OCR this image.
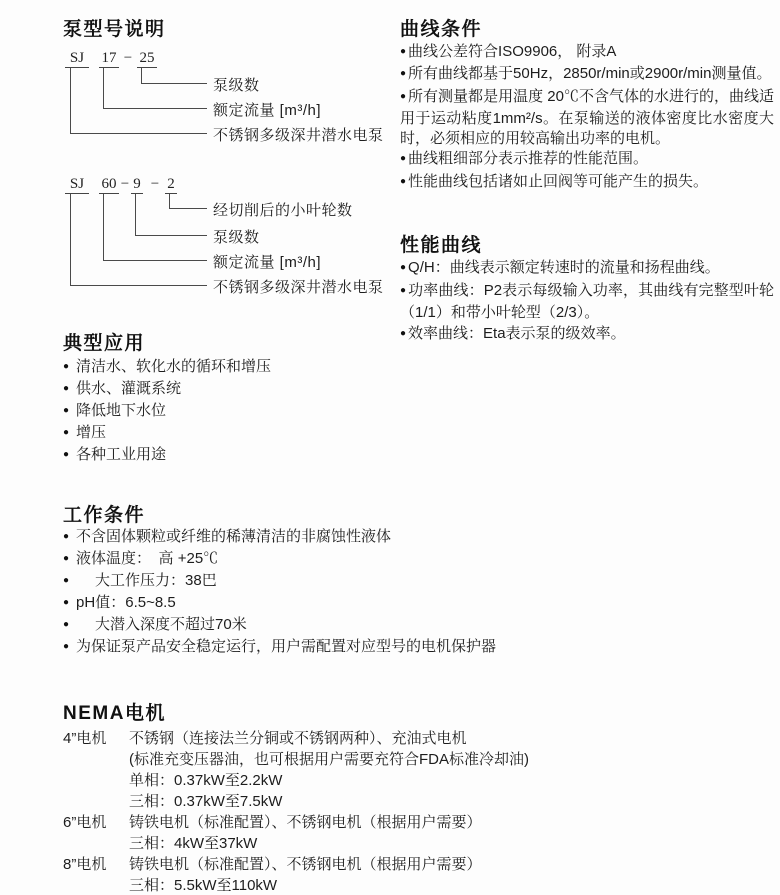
泵型号说明
SJ	17 − 25
泵级数
额定流量 [m³/h]
不锈钢多级深井潜水电泵
SJ	60 − 9 − 2
经切削后的小叶轮数
泵级数
额定流量 [m³/h]
不锈钢多级深井潜水电泵
曲线条件
● 曲线公差符合ISO9906， 附录A
● 所有曲线都基于50Hz，2850r/min或2900r/min测量值。
● 所有测量都是用温度 20℃不含气体的水进行的，曲线适用于运动粘度1mm²/s。在泵输送的液体密度比水密度大时，必须相应的用较高输出功率的电机。
● 曲线粗细部分表示推荐的性能范围。
● 性能曲线包括诸如止回阀等可能产生的损失。
性能曲线
● Q/H：曲线表示额定转速时的流量和扬程曲线。
● 功率曲线：P2表示每级输入功率，其曲线有完整型叶轮（1/1）和带小叶轮型（2/3）。
● 效率曲线：Eta表示泵的级效率。
典型应用
● 清洁水、软化水的循环和增压
● 供水、灌溉系统
● 降低地下水位
● 增压
● 各种工业用途
工作条件
● 不含固体颗粒或纤维的稀薄清洁的非腐蚀性液体
● 液体温度：　高 +25℃
● 大工作压力：38巴
● pH值：6.5~8.5
● 大潜入深度不超过70米
● 为保证泵产品安全稳定运行，用户需配置对应型号的电机保护器
NEMA电机
4”电机	不锈钢（连接法兰分铜或不锈钢两种）、充油式电机
(标准充变压器油，也可根据用户需要充符合FDA标准冷却油)
单相：0.37kW至2.2kW
三相：0.37kW至7.5kW
6”电机	铸铁电机（标准配置）、不锈钢电机（根据用户需要）
三相：4kW至37kW
8”电机	铸铁电机（标准配置）、不锈钢电机（根据用户需要）
三相：5.5kW至110kW
